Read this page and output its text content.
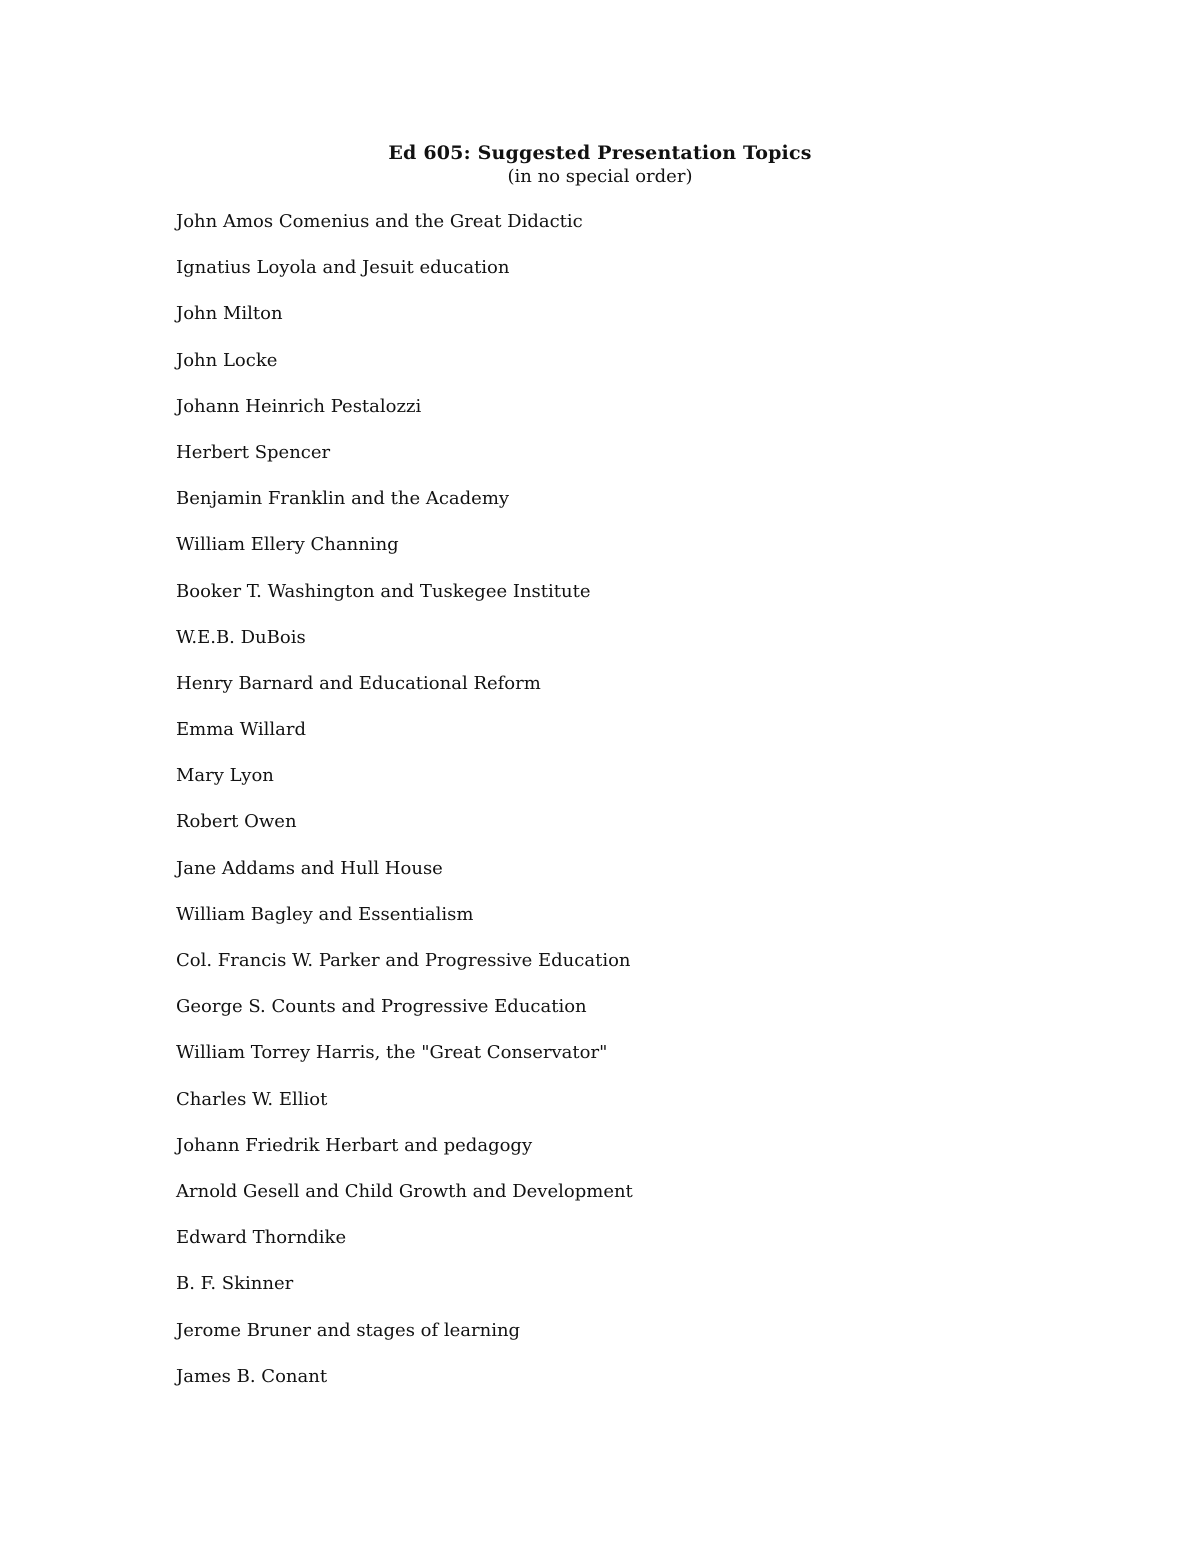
Ed 605: Suggested Presentation Topics
(in no special order)
John Amos Comenius and the Great Didactic
Ignatius Loyola and Jesuit education
John Milton
John Locke
Johann Heinrich Pestalozzi
Herbert Spencer
Benjamin Franklin and the Academy
William Ellery Channing
Booker T. Washington and Tuskegee Institute
W.E.B. DuBois
Henry Barnard and Educational Reform
Emma Willard
Mary Lyon
Robert Owen
Jane Addams and Hull House
William Bagley and Essentialism
Col. Francis W. Parker and Progressive Education
George S. Counts and Progressive Education
William Torrey Harris, the "Great Conservator"
Charles W. Elliot
Johann Friedrik Herbart and pedagogy
Arnold Gesell and Child Growth and Development
Edward Thorndike
B. F. Skinner
Jerome Bruner and stages of learning
James B. Conant
